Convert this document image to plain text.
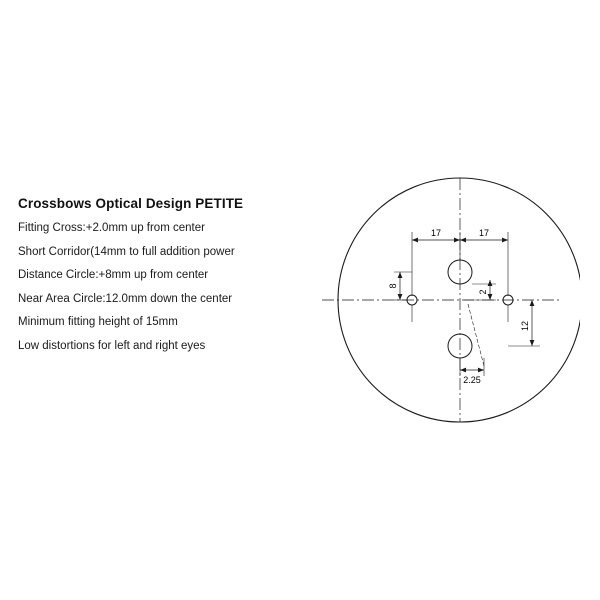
Crossbows Optical Design PETITE
Fitting Cross:+2.0mm up from center
Short Corridor(14mm to full addition power
Distance Circle:+8mm up from center
Near Area Circle:12.0mm down the center
Minimum fitting height of 15mm
Low distortions for left and right eyes
17	17
8
2
12
2.25
